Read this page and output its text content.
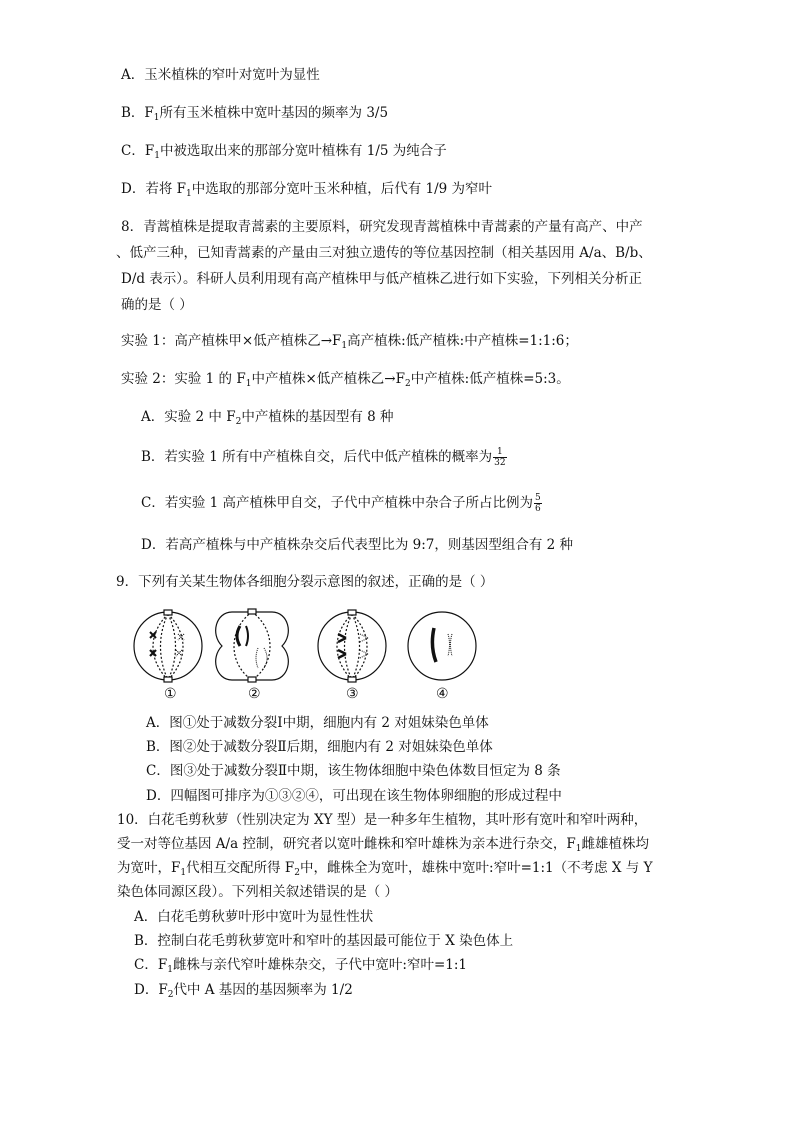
A．玉米植株的窄叶对宽叶为显性
B．$F_1$所有玉米植株中宽叶基因的频率为 3/5
C．$F_1$中被选取出来的那部分宽叶植株有 1/5 为纯合子
D．若将 $F_1$中选取的那部分宽叶玉米种植，后代有 1/9 为窄叶
8．青蒿植株是提取青蒿素的主要原料，研究发现青蒿植株中青蒿素的产量有高产、中产
、低产三种，已知青蒿素的产量由三对独立遗传的等位基因控制（相关基因用 A/a、B/b、
D/d 表示）。科研人员利用现有高产植株甲与低产植株乙进行如下实验，下列相关分析正
确的是（ ）
实验 1：高产植株甲×低产植株乙$\to F_1$高产植株:低产植株:中产植株=1:1:6；
实验 2：实验 1 的 $F_1$中产植株×低产植株乙$\to F_2$中产植株:低产植株=5:3。
A．实验 2 中 $F_2$中产植株的基因型有 8 种
B．若实验 1 所有中产植株自交，后代中低产植株的概率为 $\frac{1}{32}$
C．若实验 1 高产植株甲自交，子代中产植株中杂合子所占比例为 $\frac{5}{6}$
D．若高产植株与中产植株杂交后代表型比为 9:7，则基因型组合有 2 种
9．下列有关某生物体各细胞分裂示意图的叙述，正确的是（ ）
①	②	③	④
A．图①处于减数分裂Ⅰ中期，细胞内有 2 对姐妹染色单体
B．图②处于减数分裂Ⅱ后期，细胞内有 2 对姐妹染色单体
C．图③处于减数分裂Ⅱ中期，该生物体细胞中染色体数目恒定为 8 条
D．四幅图可排序为①③②④，可出现在该生物体卵细胞的形成过程中
10．白花毛剪秋萝（性别决定为 XY 型）是一种多年生植物，其叶形有宽叶和窄叶两种，
受一对等位基因 A/a 控制，研究者以宽叶雌株和窄叶雄株为亲本进行杂交，$F_1$雌雄植株均
为宽叶，$F_1$代相互交配所得 $F_2$中，雌株全为宽叶，雄株中宽叶:窄叶=1:1（不考虑 X 与 Y
染色体同源区段）。下列相关叙述错误的是（ ）
A．白花毛剪秋萝叶形中宽叶为显性性状
B．控制白花毛剪秋萝宽叶和窄叶的基因最可能位于 X 染色体上
C．$F_1$雌株与亲代窄叶雄株杂交，子代中宽叶:窄叶=1:1
D．$F_2$代中 A 基因的基因频率为 1/2
